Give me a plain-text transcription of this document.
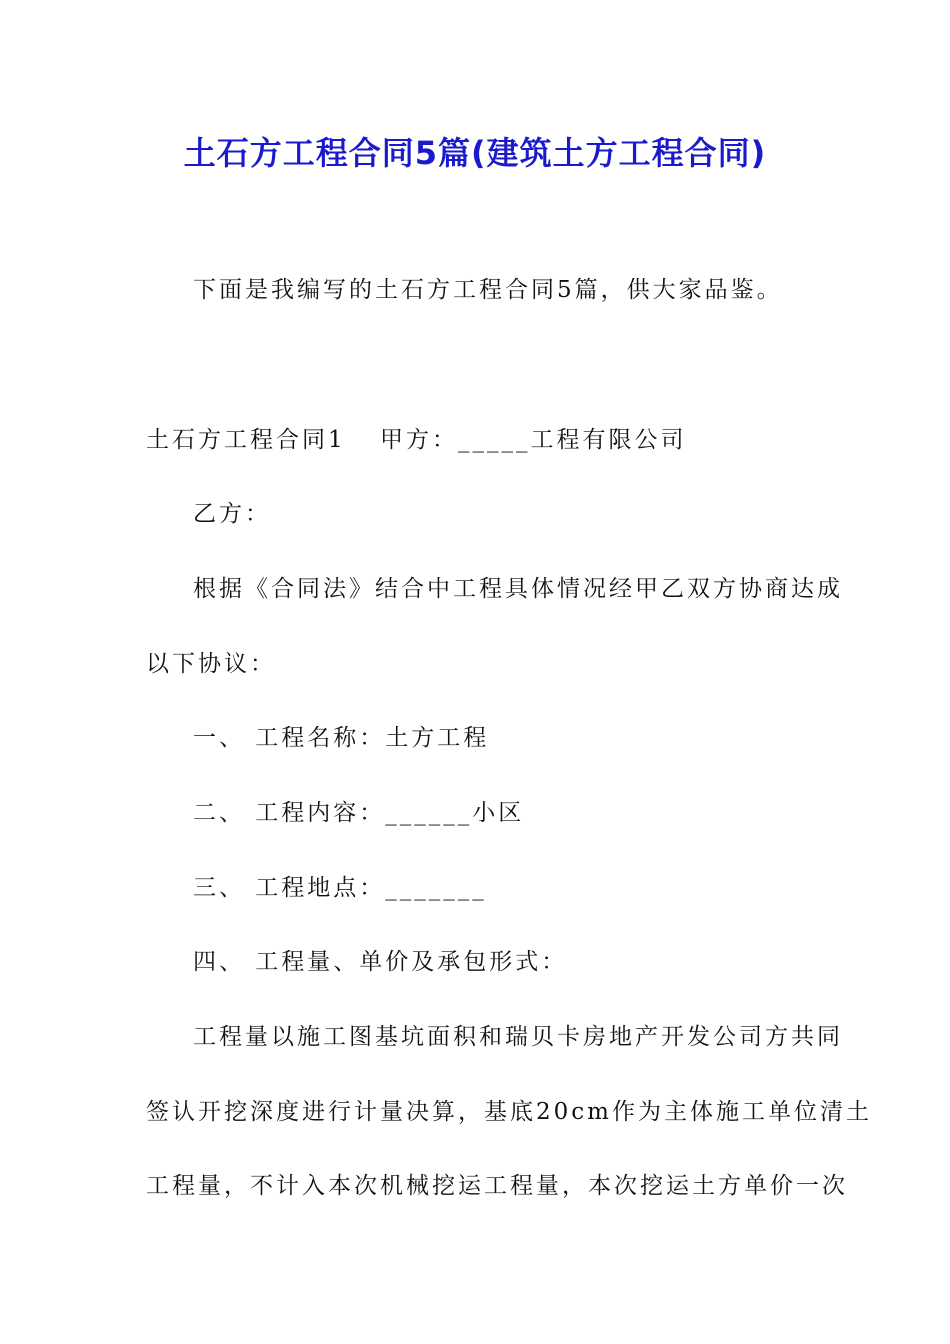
土石方工程合同5篇(建筑土方工程合同)
下面是我编写的土石方工程合同5篇，供大家品鉴。
土石方工程合同1 甲方：_____工程有限公司
乙方：
根据《合同法》结合中工程具体情况经甲乙双方协商达成
以下协议：
一、 工程名称：土方工程
二、 工程内容：______小区
三、 工程地点：_______
四、 工程量、单价及承包形式：
工程量以施工图基坑面积和瑞贝卡房地产开发公司方共同
签认开挖深度进行计量决算，基底20cm作为主体施工单位清土
工程量，不计入本次机械挖运工程量，本次挖运土方单价一次
